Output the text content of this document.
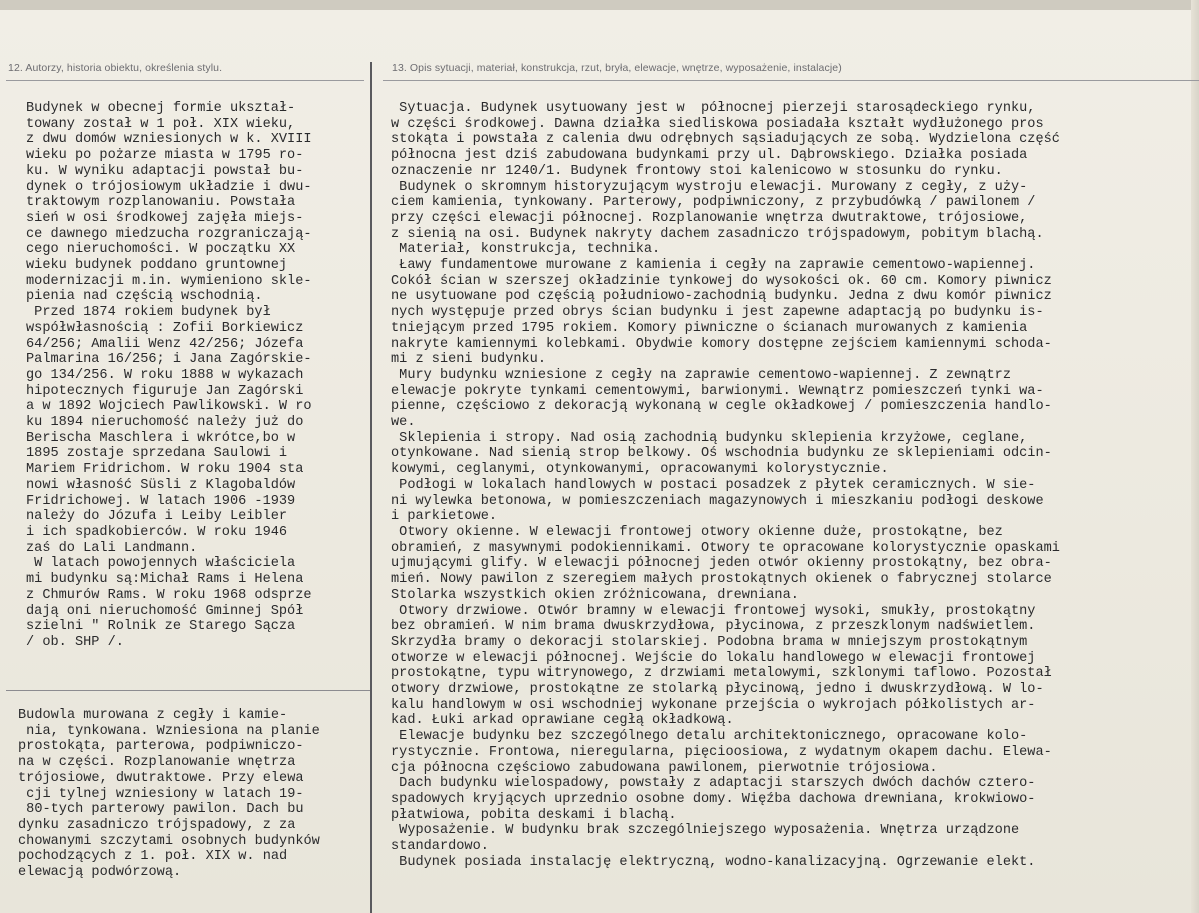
12. Autorzy, historia obiektu, określenia stylu.	13. Opis sytuacji, materiał, konstrukcja, rzut, bryła, elewacje, wnętrze, wyposażenie, instalacje)
Budynek w obecnej formie ukształ-
towany został w 1 poł. XIX wieku,
z dwu domów wzniesionych w k. XVIII
wieku po pożarze miasta w 1795 ro-
ku. W wyniku adaptacji powstał bu-
dynek o trójosiowym układzie i dwu-
traktowym rozplanowaniu. Powstała
sień w osi środkowej zajęła miejs-
ce dawnego miedzucha rozgraniczają-
cego nieruchomości. W początku XX
wieku budynek poddano gruntownej
modernizacji m.in. wymieniono skle-
pienia nad częścią wschodnią.
Przed 1874 rokiem budynek był
współwłasnością : Zofii Borkiewicz
64/256; Amalii Wenz 42/256; Józefa
Palmarina 16/256; i Jana Zagórskie-
go 134/256. W roku 1888 w wykazach
hipotecznych figuruje Jan Zagórski
a w 1892 Wojciech Pawlikowski. W ro
ku 1894 nieruchomość należy już do
Berischa Maschlera i wkrótce,bo w
1895 zostaje sprzedana Saulowi i
Mariem Fridrichom. W roku 1904 sta
nowi własność Süsli z Klagobaldów
Fridrichowej. W latach 1906 -1939
należy do Józufa i Leiby Leibler
i ich spadkobierców. W roku 1946
zaś do Lali Landmann.
W latach powojennych właściciela
mi budynku są:Michał Rams i Helena
z Chmurów Rams. W roku 1968 odsprze
dają oni nieruchomość Gminnej Spół
szielni " Rolnik ze Starego Sącza
/ ob. SHP /.
Budowla murowana z cegły i kamie-
nia, tynkowana. Wzniesiona na planie
prostokąta, parterowa, podpiwniczo-
na w części. Rozplanowanie wnętrza
trójosiowe, dwutraktowe. Przy elewa
cji tylnej wzniesiony w latach 19-
80-tych parterowy pawilon. Dach bu
dynku zasadniczo trójspadowy, z za
chowanymi szczytami osobnych budynków
pochodzących z 1. poł. XIX w. nad
elewacją podwórzową.
Sytuacja. Budynek usytuowany jest w  północnej pierzeji starosądeckiego rynku,
w części środkowej. Dawna działka siedliskowa posiadała kształt wydłużonego pros
stokąta i powstała z calenia dwu odrębnych sąsiadujących ze sobą. Wydzielona część
północna jest dziś zabudowana budynkami przy ul. Dąbrowskiego. Działka posiada
oznaczenie nr 1240/1. Budynek frontowy stoi kalenicowo w stosunku do rynku.
Budynek o skromnym historyzującym wystroju elewacji. Murowany z cegły, z uży-
ciem kamienia, tynkowany. Parterowy, podpiwniczony, z przybudówką / pawilonem /
przy części elewacji północnej. Rozplanowanie wnętrza dwutraktowe, trójosiowe,
z sienią na osi. Budynek nakryty dachem zasadniczo trójspadowym, pobitym blachą.
Materiał, konstrukcja, technika.
Ławy fundamentowe murowane z kamienia i cegły na zaprawie cementowo-wapiennej.
Cokół ścian w szerszej okładzinie tynkowej do wysokości ok. 60 cm. Komory piwnicz
ne usytuowane pod częścią południowo-zachodnią budynku. Jedna z dwu komór piwnicz
nych występuje przed obrys ścian budynku i jest zapewne adaptacją po budynku is-
tniejącym przed 1795 rokiem. Komory piwniczne o ścianach murowanych z kamienia
nakryte kamiennymi kolebkami. Obydwie komory dostępne zejściem kamiennymi schoda-
mi z sieni budynku.
Mury budynku wzniesione z cegły na zaprawie cementowo-wapiennej. Z zewnątrz
elewacje pokryte tynkami cementowymi, barwionymi. Wewnątrz pomieszczeń tynki wa-
pienne, częściowo z dekoracją wykonaną w cegle okładkowej / pomieszczenia handlo-
we.
Sklepienia i stropy. Nad osią zachodnią budynku sklepienia krzyżowe, ceglane,
otynkowane. Nad sienią strop belkowy. Oś wschodnia budynku ze sklepieniami odcin-
kowymi, ceglanymi, otynkowanymi, opracowanymi kolorystycznie.
Podłogi w lokalach handlowych w postaci posadzek z płytek ceramicznych. W sie-
ni wylewka betonowa, w pomieszczeniach magazynowych i mieszkaniu podłogi deskowe
i parkietowe.
Otwory okienne. W elewacji frontowej otwory okienne duże, prostokątne, bez
obramień, z masywnymi podokiennikami. Otwory te opracowane kolorystycznie opaskami
ujmującymi glify. W elewacji północnej jeden otwór okienny prostokątny, bez obra-
mień. Nowy pawilon z szeregiem małych prostokątnych okienek o fabrycznej stolarce
Stolarka wszystkich okien zróżnicowana, drewniana.
Otwory drzwiowe. Otwór bramny w elewacji frontowej wysoki, smukły, prostokątny
bez obramień. W nim brama dwuskrzydłowa, płycinowa, z przeszklonym nadświetlem.
Skrzydła bramy o dekoracji stolarskiej. Podobna brama w mniejszym prostokątnym
otworze w elewacji północnej. Wejście do lokalu handlowego w elewacji frontowej
prostokątne, typu witrynowego, z drzwiami metalowymi, szklonymi taflowo. Pozostał
otwory drzwiowe, prostokątne ze stolarką płycinową, jedno i dwuskrzydłową. W lo-
kalu handlowym w osi wschodniej wykonane przejścia o wykrojach półkolistych ar-
kad. Łuki arkad oprawiane cegłą okładkową.
Elewacje budynku bez szczególnego detalu architektonicznego, opracowane kolo-
rystycznie. Frontowa, nieregularna, pięcioosiowa, z wydatnym okapem dachu. Elewa-
cja północna częściowo zabudowana pawilonem, pierwotnie trójosiowa.
Dach budynku wielospadowy, powstały z adaptacji starszych dwóch dachów cztero-
spadowych kryjących uprzednio osobne domy. Więźba dachowa drewniana, krokwiowo-
płatwiowa, pobita deskami i blachą.
Wyposażenie. W budynku brak szczególniejszego wyposażenia. Wnętrza urządzone
standardowo.
Budynek posiada instalację elektryczną, wodno-kanalizacyjną. Ogrzewanie elekt.
